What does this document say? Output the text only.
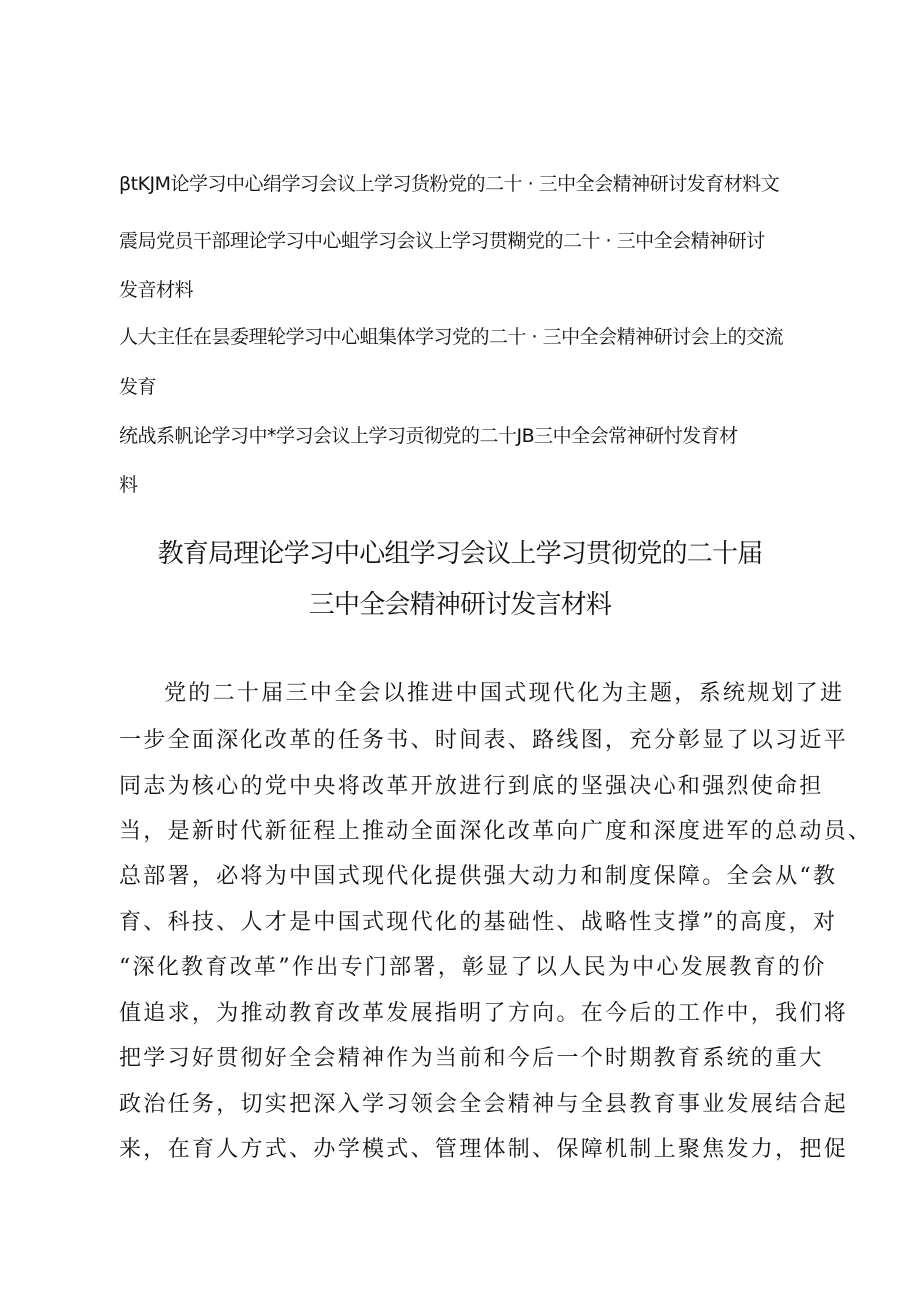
βtKJM论学习中心绢学习会议上学习货粉党的二十 · 三中全会精神研讨发育材料文
震局党员干部理论学习中心蛆学习会议上学习贯糊党的二十 · 三中全会精神研讨
发音材料
人大主任在昙委理轮学习中心蛆集体学习党的二十 · 三中全会精神研讨会上的交流
发育
统战系帆论学习中*学习会议上学习贡彻党的二十JB三中全会常神研忖发育材
料
教育局理论学习中心组学习会议上学习贯彻党的二十届
三中全会精神研讨发言材料
党的二十届三中全会以推进中国式现代化为主题，系统规划了进
一步全面深化改革的任务书、时间表、路线图，充分彰显了以习近平
同志为核心的党中央将改革开放进行到底的坚强决心和强烈使命担
当，是新时代新征程上推动全面深化改革向广度和深度进军的总动员、
总部署，必将为中国式现代化提供强大动力和制度保障。全会从“教
育、科技、人才是中国式现代化的基础性、战略性支撑”的高度，对
“深化教育改革”作出专门部署，彰显了以人民为中心发展教育的价
值追求，为推动教育改革发展指明了方向。在今后的工作中，我们将
把学习好贯彻好全会精神作为当前和今后一个时期教育系统的重大
政治任务，切实把深入学习领会全会精神与全县教育事业发展结合起
来，在育人方式、办学模式、管理体制、保障机制上聚焦发力，把促
